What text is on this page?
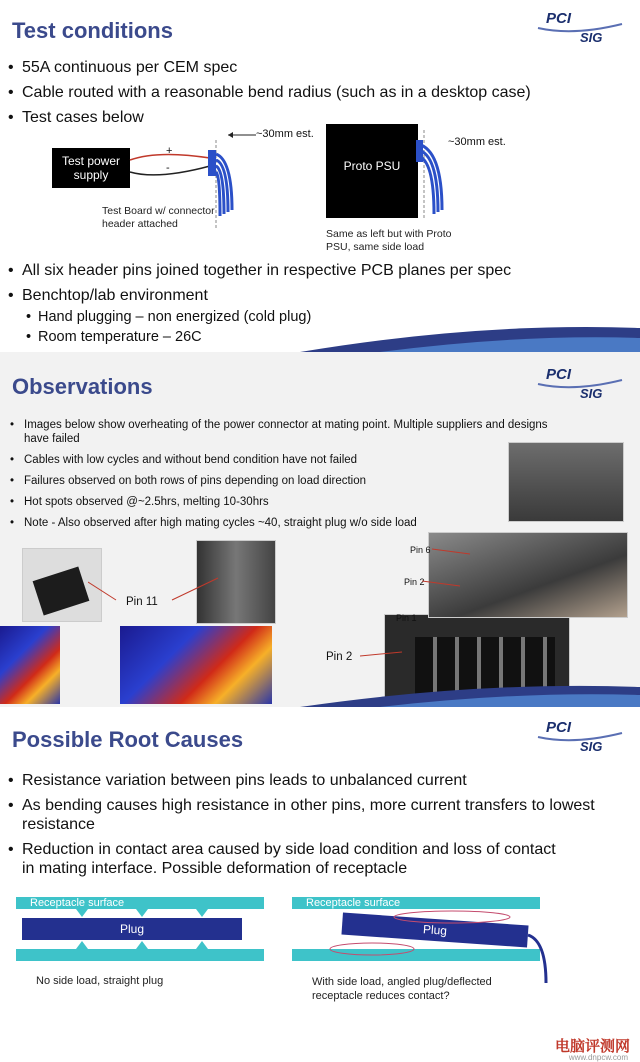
Test conditions	PCI
SIG
• 55A continuous per CEM spec
• Cable routed with a reasonable bend radius (such as in a desktop case)
• Test cases below
Test power supply
+
-
~30mm est.
Test Board w/ connector header attached
Proto PSU
~30mm est.
Same as left but with Proto PSU, same side load
• All six header pins joined together in respective PCB planes per spec
• Benchtop/lab environment
• Hand plugging – non energized (cold plug)
• Room temperature – 26C
Observations	PCI
SIG
• Images below show overheating of the power connector at mating point. Multiple suppliers and designs have failed
• Cables with low cycles and without bend condition have not failed
• Failures observed on both rows of pins depending on load direction
• Hot spots observed @~2.5hrs, melting 10-30hrs
• Note - Also observed after high mating cycles ~40, straight plug w/o side load
Pin 11
Pin 6
Pin 2
Pin 1
Pin 2
Possible Root Causes	PCI
SIG
• Resistance variation between pins leads to unbalanced current
• As bending causes high resistance in other pins, more current transfers to lowest resistance
• Reduction in contact area caused by side load condition and loss of contact in mating interface. Possible deformation of receptacle
Receptacle surface
Plug
No side load, straight plug
Receptacle surface
Plug
With side load, angled plug/deflected receptacle reduces contact?
电脑评测网
www.dnpcw.com
